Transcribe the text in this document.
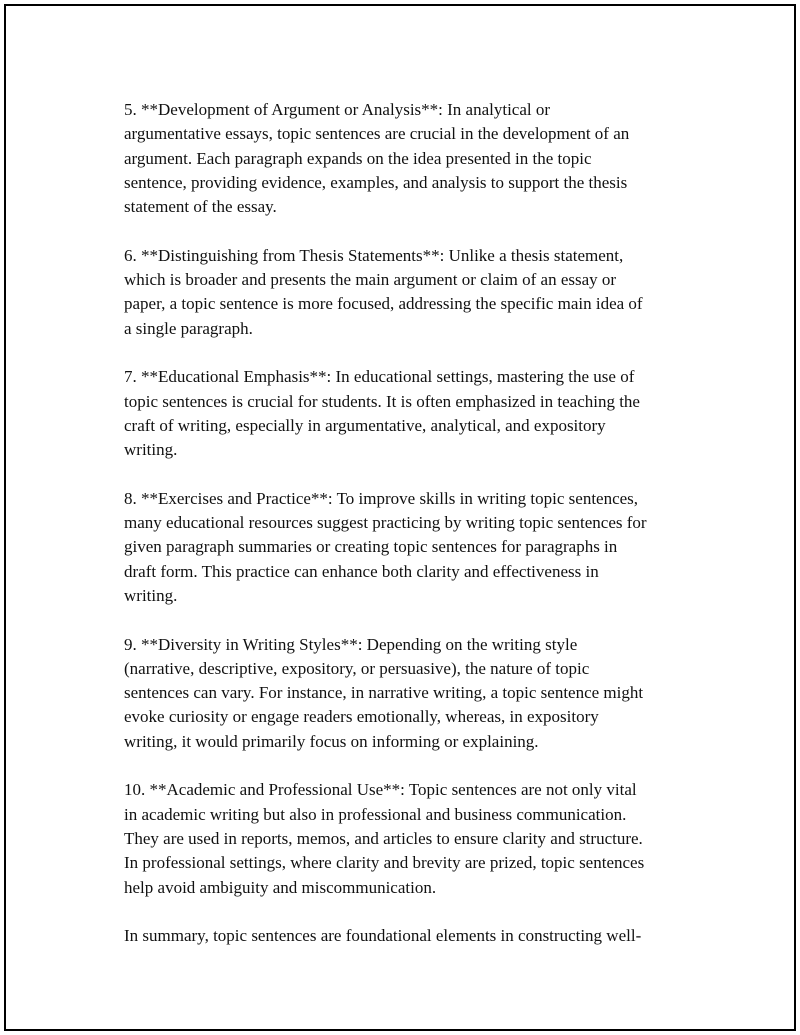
5. **Development of Argument or Analysis**: In analytical or
argumentative essays, topic sentences are crucial in the development of an
argument. Each paragraph expands on the idea presented in the topic
sentence, providing evidence, examples, and analysis to support the thesis
statement of the essay.

6. **Distinguishing from Thesis Statements**: Unlike a thesis statement,
which is broader and presents the main argument or claim of an essay or
paper, a topic sentence is more focused, addressing the specific main idea of
a single paragraph.

7. **Educational Emphasis**: In educational settings, mastering the use of
topic sentences is crucial for students. It is often emphasized in teaching the
craft of writing, especially in argumentative, analytical, and expository
writing.

8. **Exercises and Practice**: To improve skills in writing topic sentences,
many educational resources suggest practicing by writing topic sentences for
given paragraph summaries or creating topic sentences for paragraphs in
draft form. This practice can enhance both clarity and effectiveness in
writing.

9. **Diversity in Writing Styles**: Depending on the writing style
(narrative, descriptive, expository, or persuasive), the nature of topic
sentences can vary. For instance, in narrative writing, a topic sentence might
evoke curiosity or engage readers emotionally, whereas, in expository
writing, it would primarily focus on informing or explaining.

10. **Academic and Professional Use**: Topic sentences are not only vital
in academic writing but also in professional and business communication.
They are used in reports, memos, and articles to ensure clarity and structure.
In professional settings, where clarity and brevity are prized, topic sentences
help avoid ambiguity and miscommunication.

In summary, topic sentences are foundational elements in constructing well-
